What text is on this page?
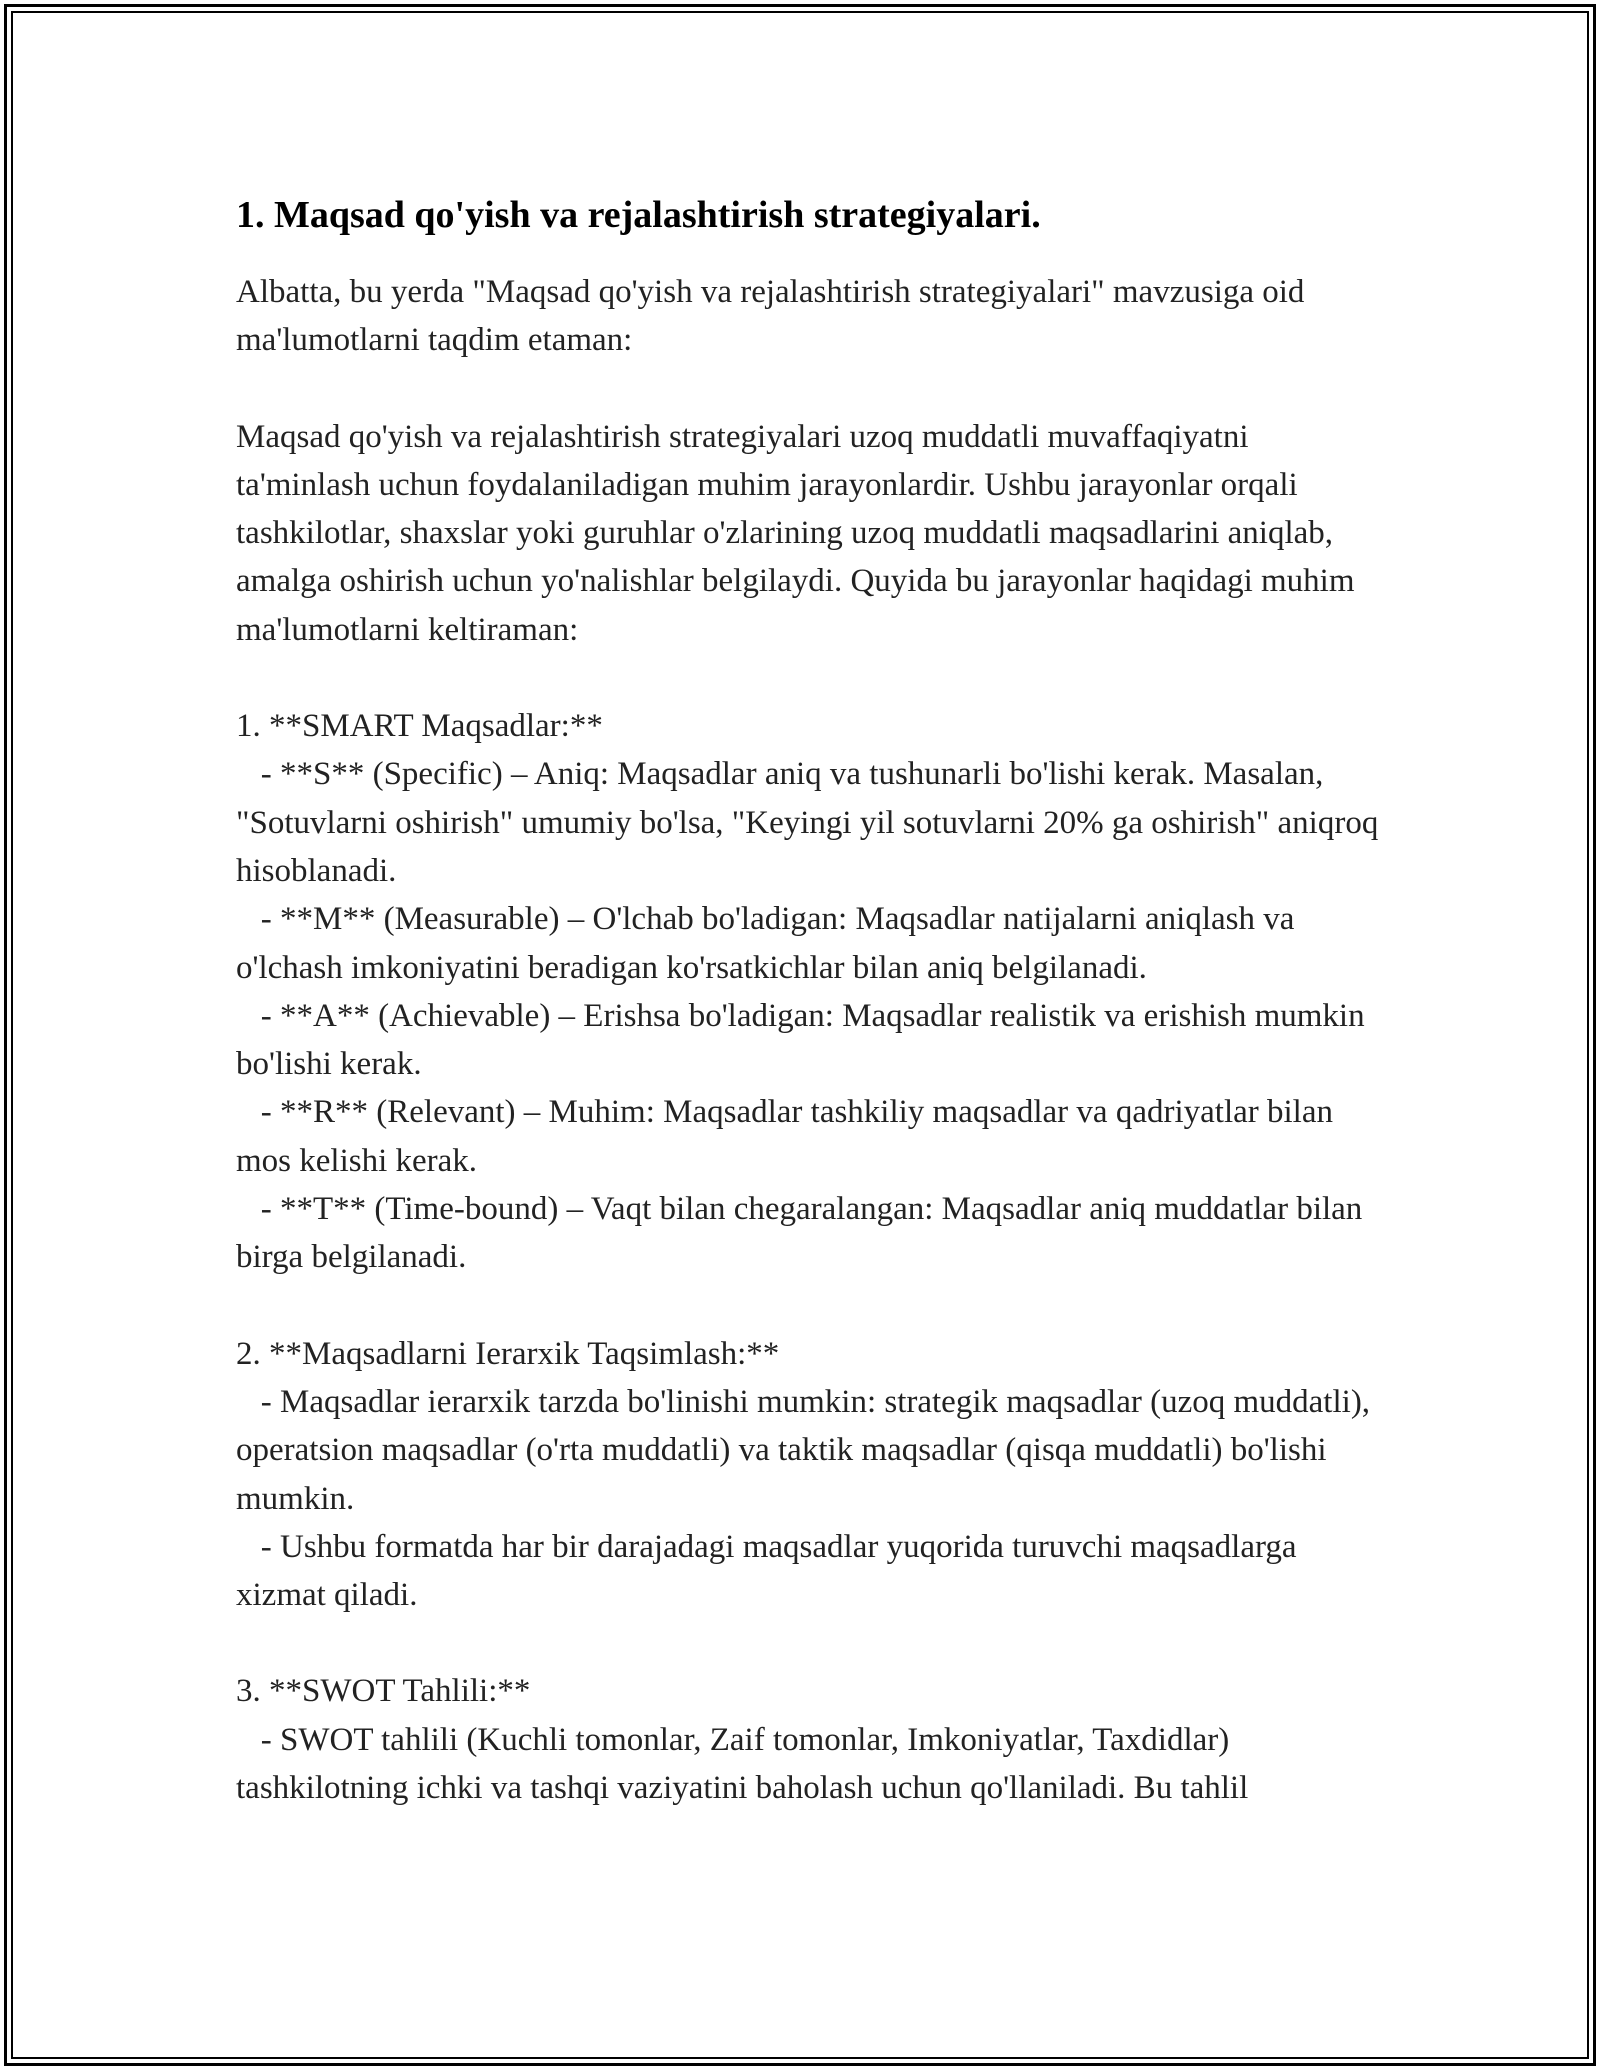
1. Maqsad qo'yish va rejalashtirish strategiyalari.

Albatta, bu yerda "Maqsad qo'yish va rejalashtirish strategiyalari" mavzusiga oid ma'lumotlarni taqdim etaman:

Maqsad qo'yish va rejalashtirish strategiyalari uzoq muddatli muvaffaqiyatni ta'minlash uchun foydalaniladigan muhim jarayonlardir. Ushbu jarayonlar orqali tashkilotlar, shaxslar yoki guruhlar o'zlarining uzoq muddatli maqsadlarini aniqlab, amalga oshirish uchun yo'nalishlar belgilaydi. Quyida bu jarayonlar haqidagi muhim ma'lumotlarni keltiraman:

1. **SMART Maqsadlar:**

- **S** (Specific) – Aniq: Maqsadlar aniq va tushunarli bo'lishi kerak. Masalan, "Sotuvlarni oshirish" umumiy bo'lsa, "Keyingi yil sotuvlarni 20% ga oshirish" aniqroq hisoblanadi.

- **M** (Measurable) – O'lchab bo'ladigan: Maqsadlar natijalarni aniqlash va o'lchash imkoniyatini beradigan ko'rsatkichlar bilan aniq belgilanadi.

- **A** (Achievable) – Erishsa bo'ladigan: Maqsadlar realistik va erishish mumkin bo'lishi kerak.

- **R** (Relevant) – Muhim: Maqsadlar tashkiliy maqsadlar va qadriyatlar bilan mos kelishi kerak.

- **T** (Time-bound) – Vaqt bilan chegaralangan: Maqsadlar aniq muddatlar bilan birga belgilanadi.

2. **Maqsadlarni Ierarxik Taqsimlash:**

- Maqsadlar ierarxik tarzda bo'linishi mumkin: strategik maqsadlar (uzoq muddatli), operatsion maqsadlar (o'rta muddatli) va taktik maqsadlar (qisqa muddatli) bo'lishi mumkin.

- Ushbu formatda har bir darajadagi maqsadlar yuqorida turuvchi maqsadlarga xizmat qiladi.

3. **SWOT Tahlili:**

- SWOT tahlili (Kuchli tomonlar, Zaif tomonlar, Imkoniyatlar, Taxdidlar) tashkilotning ichki va tashqi vaziyatini baholash uchun qo'llaniladi. Bu tahlil
